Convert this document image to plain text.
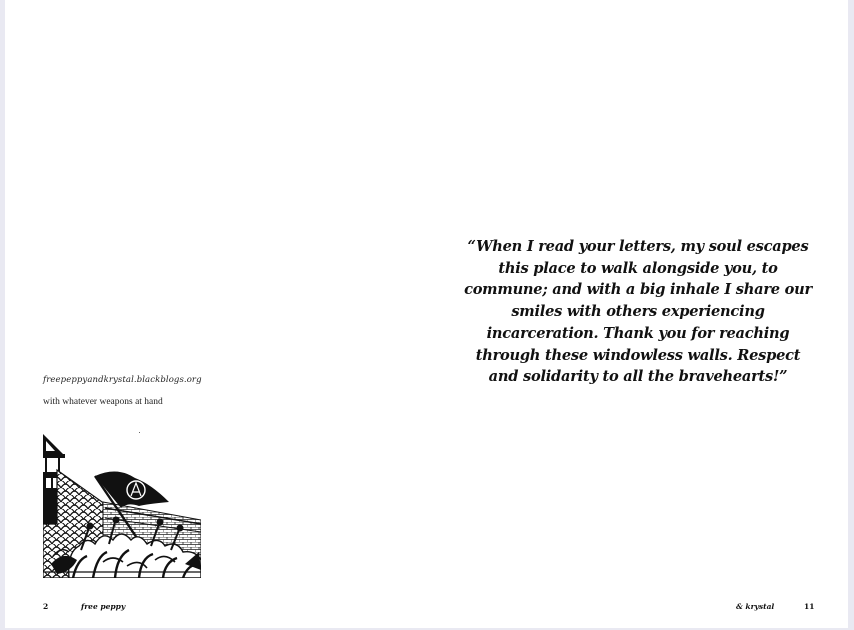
freepeppyandkrystal.blackblogs.org
with whatever weapons at hand
2	free peppy

“When I read your letters, my soul escapes this place to walk alongside you, to commune; and with a big inhale I share our smiles with others experiencing incarceration. Thank you for reaching through these windowless walls. Respect and solidarity to all the bravehearts!”

& krystal	11
